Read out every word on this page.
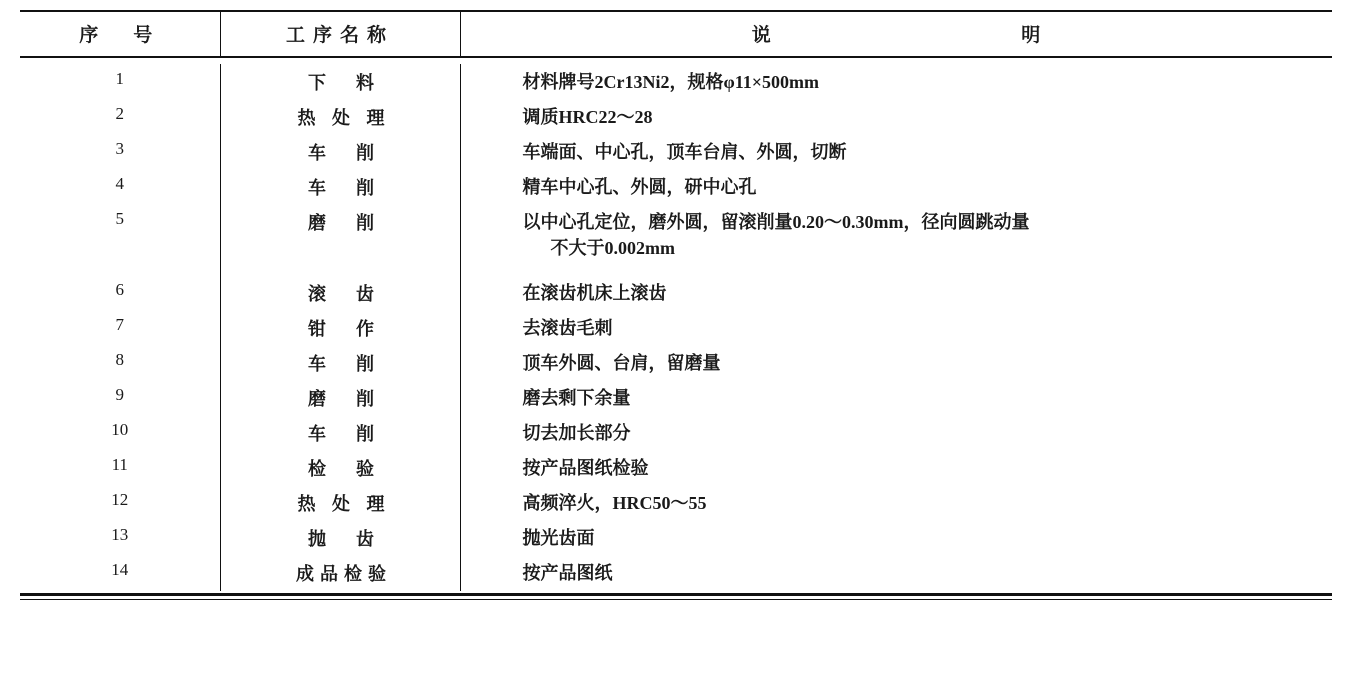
序　号	工序名称	说 明

1	下　料	材料牌号2Cr13Ni2，规格φ11×500mm
2	热 处 理	调质HRC22～28
3	车　削	车端面、中心孔，顶车台肩、外圆，切断
4	车　削	精车中心孔、外圆，研中心孔
5	磨　削	以中心孔定位，磨外圆，留滚削量0.20～0.30mm，径向圆跳动量
不大于0.002mm

6	滚　齿	在滚齿机床上滚齿
7	钳　作	去滚齿毛刺
8	车　削	顶车外圆、台肩，留磨量
9	磨　削	磨去剩下余量
10	车　削	切去加长部分
11	检　验	按产品图纸检验
12	热 处 理	高频淬火，HRC50～55
13	抛　齿	抛光齿面
14	成品检验	按产品图纸
